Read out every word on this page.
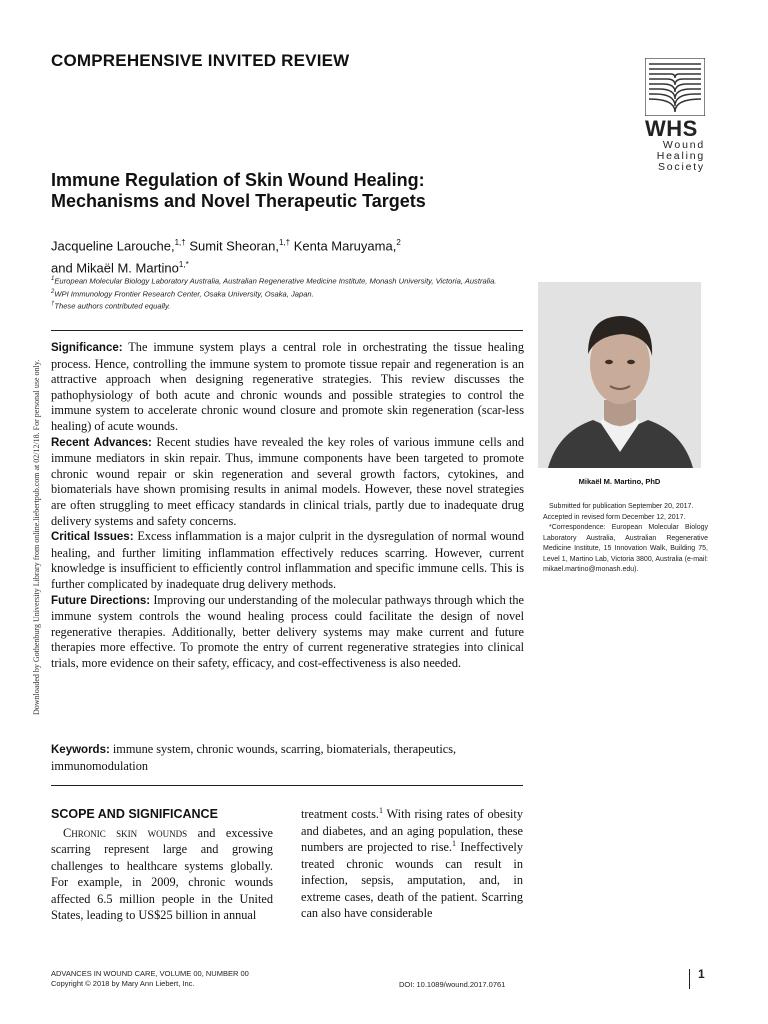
COMPREHENSIVE INVITED REVIEW
WHS
Wound
Healing
Society
Immune Regulation of Skin Wound Healing:
Mechanisms and Novel Therapeutic Targets
Jacqueline Larouche,$^{1,\dagger}$ Sumit Sheoran,$^{1,\dagger}$ Kenta Maruyama,$^2$
and Mikaël M. Martino$^{1,*}$
$^1$European Molecular Biology Laboratory Australia, Australian Regenerative Medicine Institute, Monash University, Victoria, Australia.
$^2$WPI Immunology Frontier Research Center, Osaka University, Osaka, Japan.
†These authors contributed equally.
Downloaded by Gothenburg University Library from online.liebertpub.com at 02/12/18. For personal use only.

Significance: The immune system plays a central role in orchestrating the tissue healing process. Hence, controlling the immune system to promote tissue repair and regeneration is an attractive approach when designing regenerative strategies. This review discusses the pathophysiology of both acute and chronic wounds and possible strategies to control the immune system to accelerate chronic wound closure and promote skin regeneration (scar-less healing) of acute wounds.

Recent Advances: Recent studies have revealed the key roles of various immune cells and immune mediators in skin repair. Thus, immune components have been targeted to promote chronic wound repair or skin regeneration and several growth factors, cytokines, and biomaterials have shown promising results in animal models. However, these novel strategies are often struggling to meet efficacy standards in clinical trials, partly due to inadequate drug delivery systems and safety concerns.

Critical Issues: Excess inflammation is a major culprit in the dysregulation of normal wound healing, and further limiting inflammation effectively reduces scarring. However, current knowledge is insufficient to efficiently control inflammation and specific immune cells. This is further complicated by inadequate drug delivery methods.

Future Directions: Improving our understanding of the molecular pathways through which the immune system controls the wound healing process could facilitate the design of novel regenerative therapies. Additionally, better delivery systems may make current and future therapies more effective. To promote the entry of current regenerative strategies into clinical trials, more evidence on their safety, efficacy, and cost-effectiveness is also needed.

Keywords: immune system, chronic wounds, scarring, biomaterials, therapeutics, immunomodulation
Mikaël M. Martino, PhD

Submitted for publication September 20, 2017.

Accepted in revised form December 12, 2017.

*Correspondence: European Molecular Biology Laboratory Australia, Australian Regenerative Medicine Institute, 15 Innovation Walk, Building 75, Level 1, Martino Lab, Victoria 3800, Australia (e-mail: mikael.martino@monash.edu).

SCOPE AND SIGNIFICANCE
Chronic skin wounds and excessive scarring represent large and growing challenges to healthcare systems globally. For example, in 2009, chronic wounds affected 6.5 million people in the United States, leading to US$25 billion in annual
treatment costs.$^1$ With rising rates of obesity and diabetes, and an aging population, these numbers are projected to rise.$^1$ Ineffectively treated chronic wounds can result in infection, sepsis, amputation, and, in extreme cases, death of the patient. Scarring can also have considerable
ADVANCES IN WOUND CARE, VOLUME 00, NUMBER 00
Copyright © 2018 by Mary Ann Liebert, Inc.	DOI: 10.1089/wound.2017.0761
1
